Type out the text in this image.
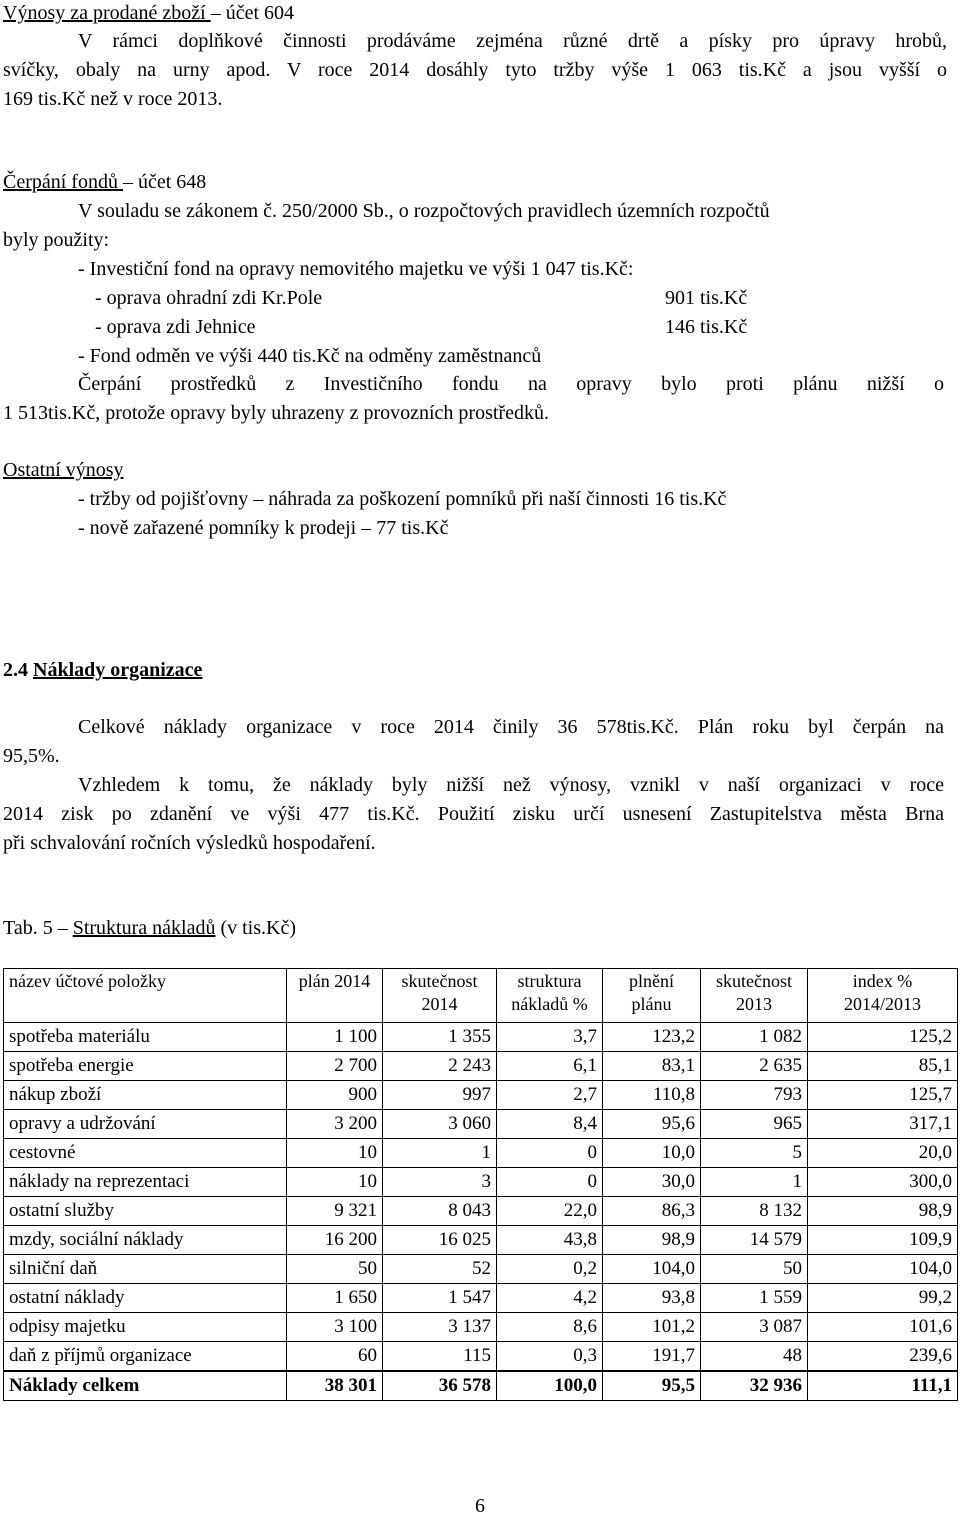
Výnosy za prodané zboží – účet 604
V rámci doplňkové činnosti prodáváme zejména různé drtě a písky pro úpravy hrobů,
svíčky, obaly na urny apod. V roce 2014 dosáhly tyto tržby výše 1 063 tis.Kč a jsou vyšší o
169 tis.Kč než v roce 2013.
Čerpání fondů – účet 648
V souladu se zákonem č. 250/2000 Sb., o rozpočtových pravidlech územních rozpočtů
byly použity:
- Investiční fond na opravy nemovitého majetku ve výši 1 047 tis.Kč:
- oprava ohradní zdi Kr.Pole	901 tis.Kč
- oprava zdi Jehnice	146 tis.Kč
- Fond odměn ve výši 440 tis.Kč na odměny zaměstnanců
Čerpání prostředků z Investičního fondu na opravy bylo proti plánu nižší o
1 513tis.Kč, protože opravy byly uhrazeny z provozních prostředků.
Ostatní výnosy
- tržby od pojišťovny – náhrada za poškození pomníků při naší činnosti 16 tis.Kč
- nově zařazené pomníky k prodeji – 77 tis.Kč
2.4 Náklady organizace
Celkové náklady organizace v roce 2014 činily 36 578tis.Kč. Plán roku byl čerpán na
95,5%.
Vzhledem k tomu, že náklady byly nižší než výnosy, vznikl v naší organizaci v roce
2014 zisk po zdanění ve výši 477 tis.Kč. Použití zisku určí usnesení Zastupitelstva města Brna
při schvalování ročních výsledků hospodaření.
Tab. 5 – Struktura nákladů (v tis.Kč)
název účtové položky	plán 2014	skutečnost 2014	struktura nákladů %	plnění plánu	skutečnost 2013	index % 2014/2013
spotřeba materiálu	1 100	1 355	3,7	123,2	1 082	125,2
spotřeba energie	2 700	2 243	6,1	83,1	2 635	85,1
nákup zboží	900	997	2,7	110,8	793	125,7
opravy a udržování	3 200	3 060	8,4	95,6	965	317,1
cestovné	10	1	0	10,0	5	20,0
náklady na reprezentaci	10	3	0	30,0	1	300,0
ostatní služby	9 321	8 043	22,0	86,3	8 132	98,9
mzdy, sociální náklady	16 200	16 025	43,8	98,9	14 579	109,9
silniční daň	50	52	0,2	104,0	50	104,0
ostatní náklady	1 650	1 547	4,2	93,8	1 559	99,2
odpisy majetku	3 100	3 137	8,6	101,2	3 087	101,6
daň z příjmů organizace	60	115	0,3	191,7	48	239,6
Náklady celkem	38 301	36 578	100,0	95,5	32 936	111,1
6
